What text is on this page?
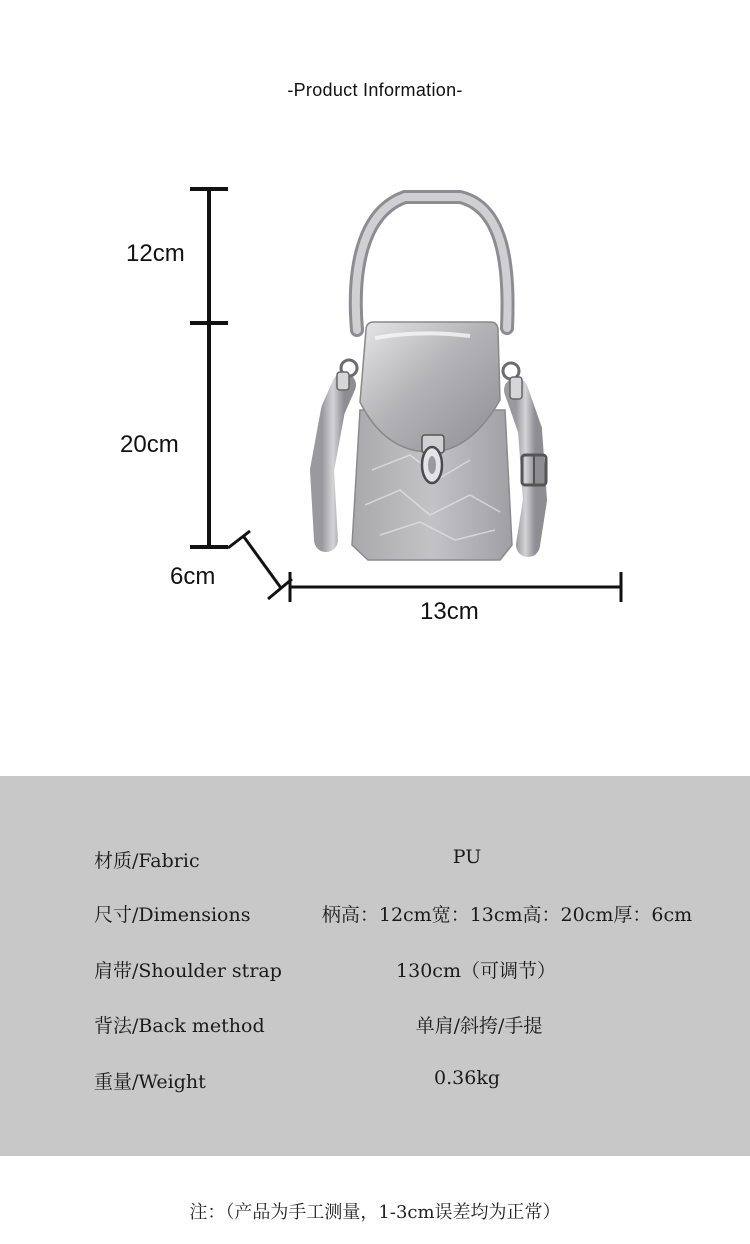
-Product Information-
12cm
20cm
6cm
13cm
材质/Fabric	PU
尺寸/Dimensions	柄高：12cm宽：13cm高：20cm厚：6cm
肩带/Shoulder strap	130cm（可调节）
背法/Back method	单肩/斜挎/手提
重量/Weight	0.36kg
注：（产品为手工测量，1-3cm误差均为正常）
